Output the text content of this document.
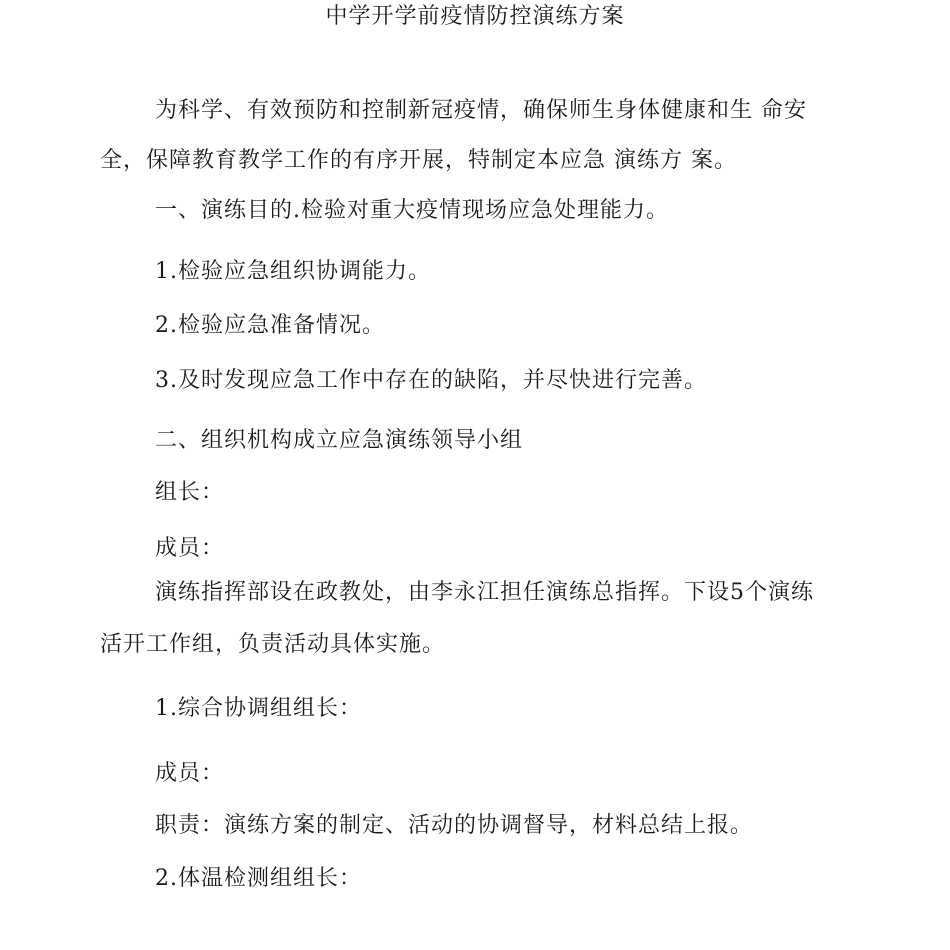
中学开学前疫情防控演练方案
为科学、有效预防和控制新冠疫情，确保师生身体健康和生 命安
全，保障教育教学工作的有序开展，特制定本应急 演练方 案。
一、演练目的.检验对重大疫情现场应急处理能力。
1.检验应急组织协调能力。
2.检验应急准备情况。
3.及时发现应急工作中存在的缺陷，并尽快进行完善。
二、组织机构成立应急演练领导小组
组长：
成员：
演练指挥部设在政教处，由李永江担任演练总指挥。下设5个演练
活开工作组，负责活动具体实施。
1.综合协调组组长：
成员：
职责：演练方案的制定、活动的协调督导，材料总结上报。
2.体温检测组组长：
